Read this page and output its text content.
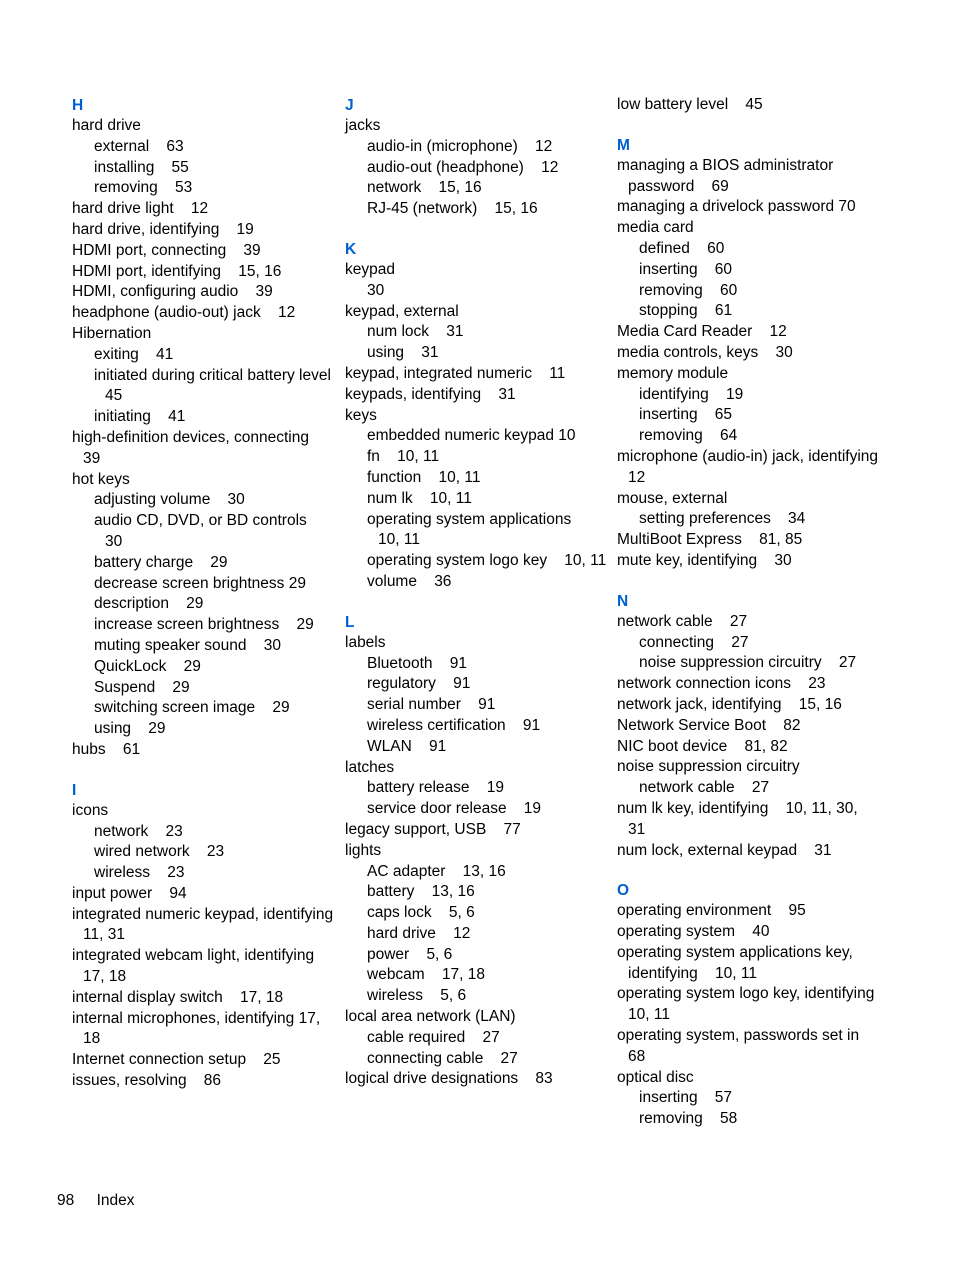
H
hard drive
external    63
installing    55
removing    53
hard drive light    12
hard drive, identifying    19
HDMI port, connecting    39
HDMI port, identifying    15, 16
HDMI, configuring audio    39
headphone (audio-out) jack    12
Hibernation
exiting    41
initiated during critical battery level    45
initiating    41
high-definition devices, connecting    39
hot keys
adjusting volume    30
audio CD, DVD, or BD controls    30
battery charge    29
decrease screen brightness 29
description    29
increase screen brightness    29
muting speaker sound    30
QuickLock    29
Suspend    29
switching screen image    29
using    29
hubs    61
I
icons
network    23
wired network    23
wireless    23
input power    94
integrated numeric keypad, identifying    11, 31
integrated webcam light, identifying    17, 18
internal display switch    17, 18
internal microphones, identifying 17, 18
Internet connection setup    25
issues, resolving    86
J
jacks
audio-in (microphone)    12
audio-out (headphone)    12
network    15, 16
RJ-45 (network)    15, 16
K
keypad
30
keypad, external
num lock    31
using    31
keypad, integrated numeric    11
keypads, identifying    31
keys
embedded numeric keypad 10
fn    10, 11
function    10, 11
num lk    10, 11
operating system applications    10, 11
operating system logo key    10, 11
volume    36
L
labels
Bluetooth    91
regulatory    91
serial number    91
wireless certification    91
WLAN    91
latches
battery release    19
service door release    19
legacy support, USB    77
lights
AC adapter    13, 16
battery    13, 16
caps lock    5, 6
hard drive    12
power    5, 6
webcam    17, 18
wireless    5, 6
local area network (LAN)
cable required    27
connecting cable    27
logical drive designations    83
low battery level    45
M
managing a BIOS administrator password    69
managing a drivelock password 70
media card
defined    60
inserting    60
removing    60
stopping    61
Media Card Reader    12
media controls, keys    30
memory module
identifying    19
inserting    65
removing    64
microphone (audio-in) jack, identifying    12
mouse, external
setting preferences    34
MultiBoot Express    81, 85
mute key, identifying    30
N
network cable    27
connecting    27
noise suppression circuitry    27
network connection icons    23
network jack, identifying    15, 16
Network Service Boot    82
NIC boot device    81, 82
noise suppression circuitry
network cable    27
num lk key, identifying    10, 11, 30, 31
num lock, external keypad    31
O
operating environment    95
operating system    40
operating system applications key, identifying    10, 11
operating system logo key, identifying    10, 11
operating system, passwords set in    68
optical disc
inserting    57
removing    58
98 Index
